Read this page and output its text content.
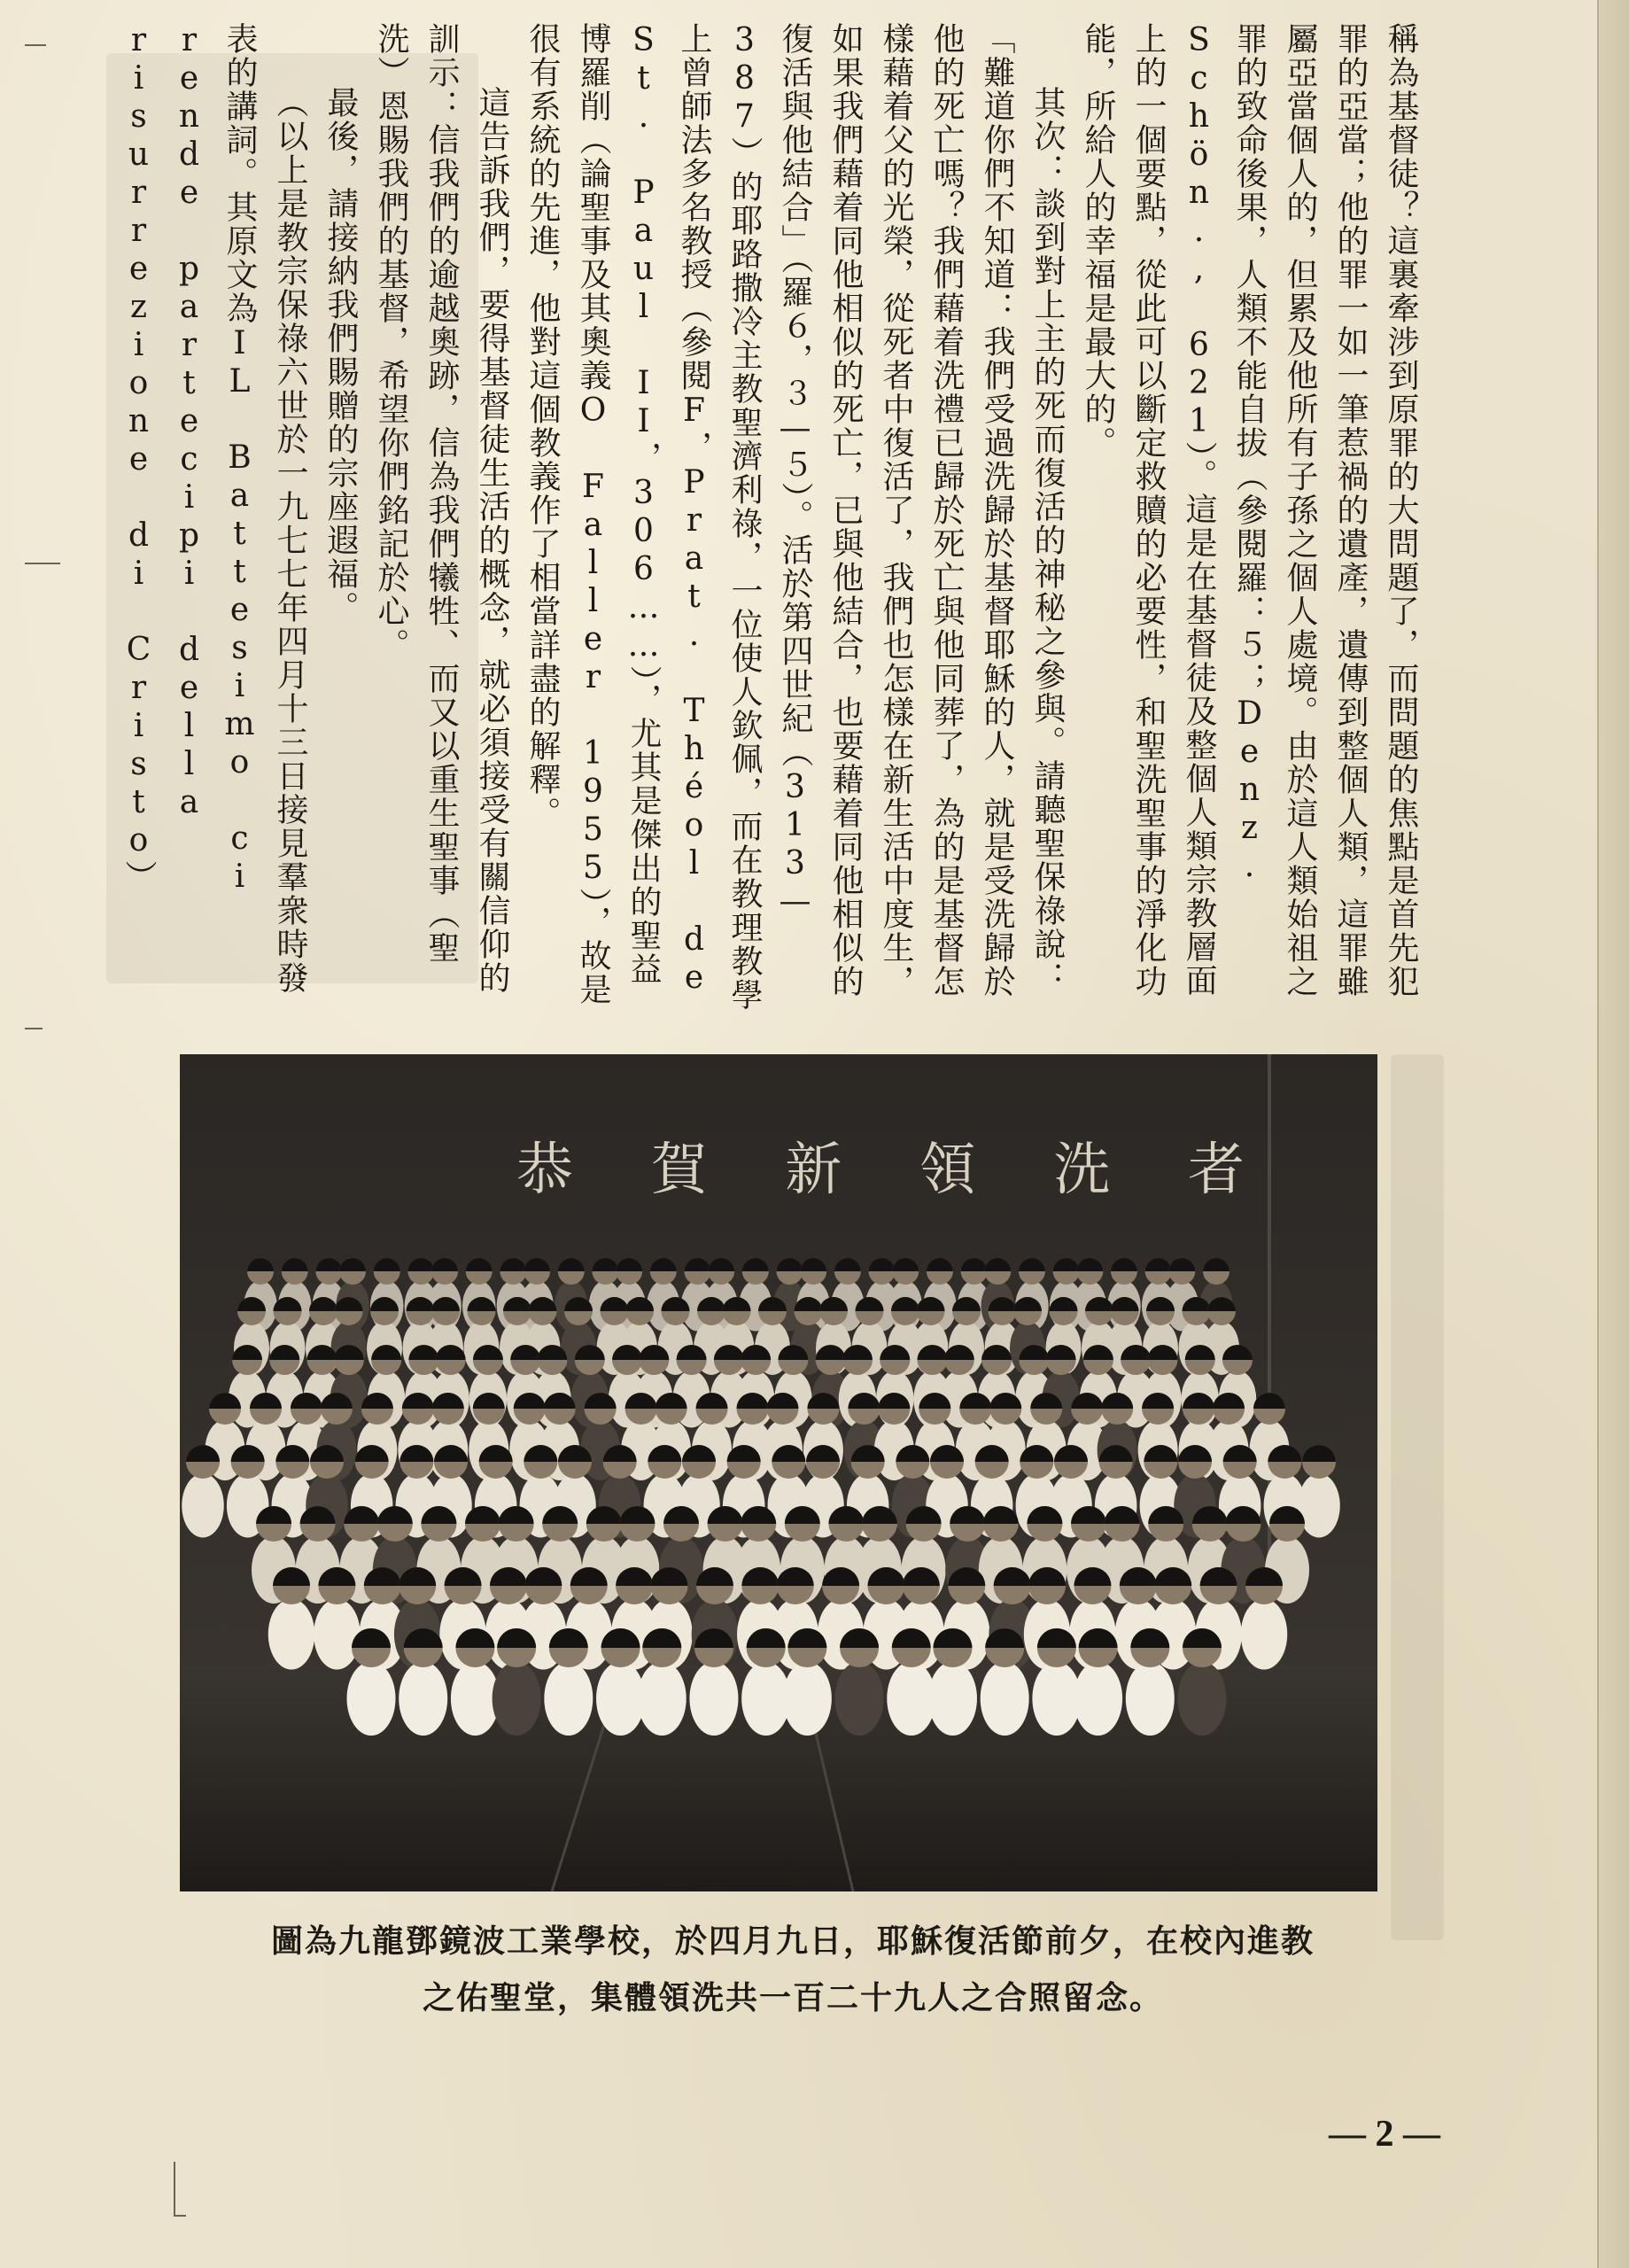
稱為基督徒？這裏牽涉到原罪的大問題了，而問題的焦點是首先犯罪的亞當；他的罪一如一筆惹禍的遺產，遺傳到整個人類，這罪雖屬亞當個人的，但累及他所有子孫之個人處境。由於這人類始祖之罪的致命後果，人類不能自拔（參閱羅：５；Denz. Schön., 621）。這是在基督徒及整個人類宗教層面上的一個要點，從此可以斷定救贖的必要性，和聖洗聖事的淨化功能，所給人的幸福是最大的。

其次：談到對上主的死而復活的神秘之參與。請聽聖保祿說：「難道你們不知道：我們受過洗歸於基督耶穌的人，就是受洗歸於他的死亡嗎？我們藉着洗禮已歸於死亡與他同葬了，為的是基督怎樣藉着父的光榮，從死者中復活了，我們也怎樣在新生活中度生，如果我們藉着同他相似的死亡，已與他結合，也要藉着同他相似的復活與他結合」（羅６，３—５）。活於第四世紀（313—387）的耶路撒冷主教聖濟利祿，一位使人欽佩，而在教理教學上曾師法多名教授（參閱F，Prat. Théol de St. Paul II，306……），尤其是傑出的聖益博羅削（論聖事及其奧義O Faller 1955），故是很有系統的先進，他對這個教義作了相當詳盡的解釋。

這告訴我們，要得基督徒生活的概念，就必須接受有關信仰的訓示：信我們的逾越奧跡，信為我們犧牲、而又以重生聖事（聖洗）恩賜我們的基督，希望你們銘記於心。

最後，請接納我們賜贈的宗座遐福。

（以上是教宗保祿六世於一九七七年四月十三日接見羣衆時發表的講詞。其原文為IL Battesimo ci rende partecipi della risurrezione di Cristo）

恭 賀 新 領 洗 者
圖為九龍鄧鏡波工業學校，於四月九日，耶穌復活節前夕，在校內進教
之佑聖堂，集體領洗共一百二十九人之合照留念。
— 2 —
